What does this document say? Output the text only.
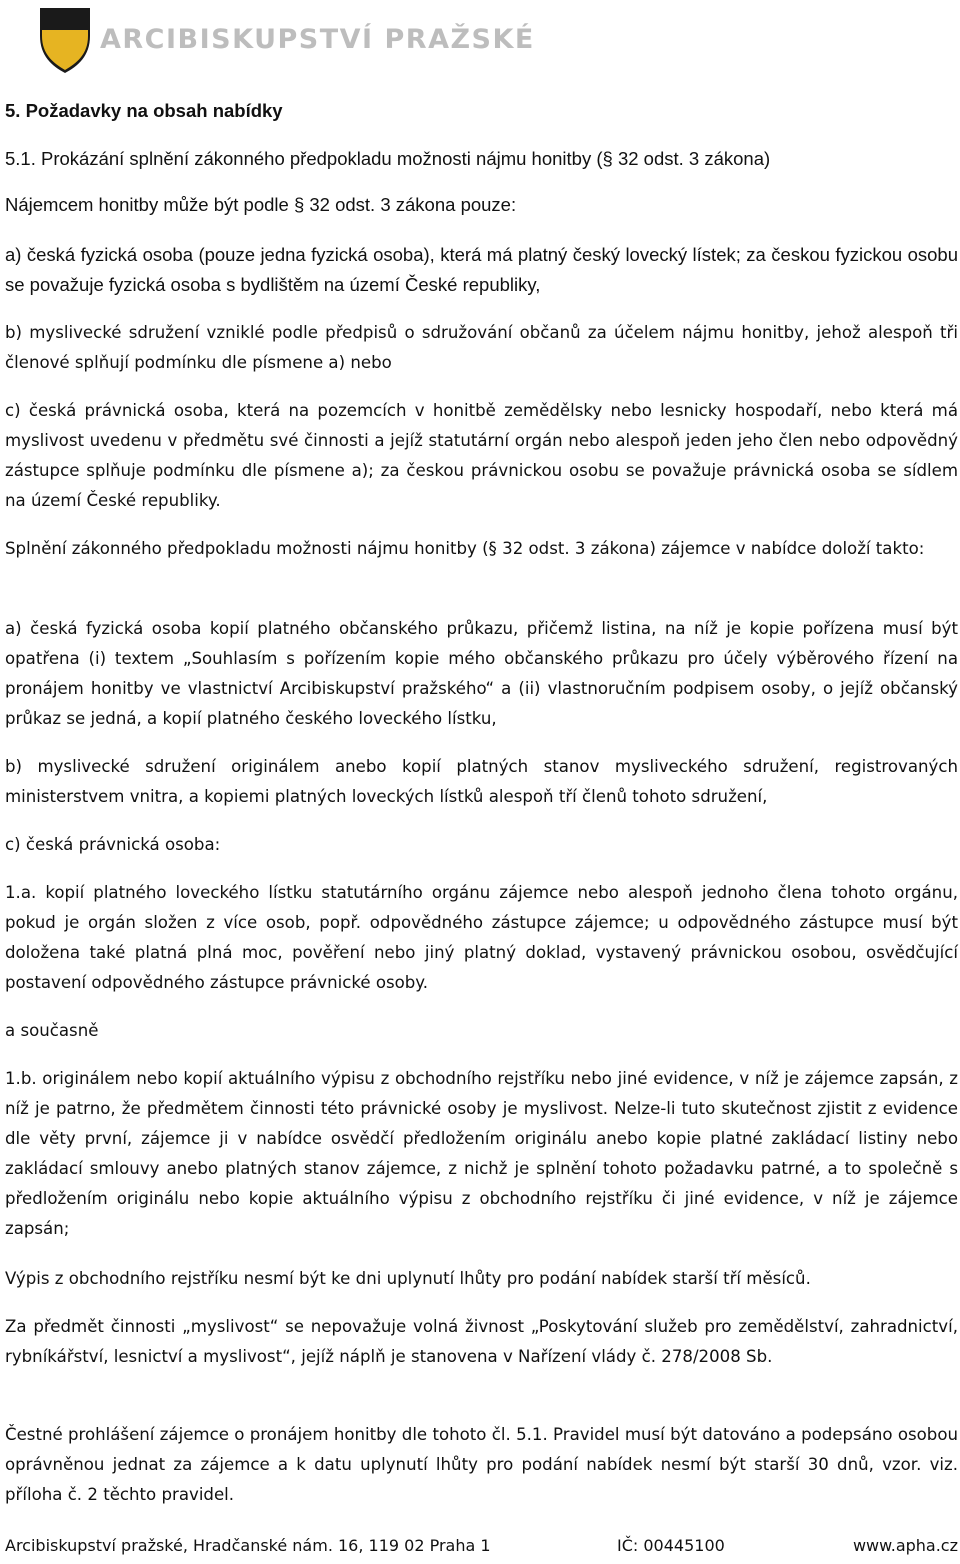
ARCIBISKUPSTVÍ PRAŽSKÉ

5. Požadavky na obsah nabídky

5.1. Prokázání splnění zákonného předpokladu možnosti nájmu honitby (§ 32 odst. 3 zákona)

Nájemcem honitby může být podle § 32 odst. 3 zákona pouze:

a) česká fyzická osoba (pouze jedna fyzická osoba), která má platný český lovecký lístek; za českou fyzickou osobu se považuje fyzická osoba s bydlištěm na území České republiky,

b) myslivecké sdružení vzniklé podle předpisů o sdružování občanů za účelem nájmu honitby, jehož alespoň tři členové splňují podmínku dle písmene a) nebo

c) česká právnická osoba, která na pozemcích v honitbě zemědělsky nebo lesnicky hospodaří, nebo která má myslivost uvedenu v předmětu své činnosti a jejíž statutární orgán nebo alespoň jeden jeho člen nebo odpovědný zástupce splňuje podmínku dle písmene a); za českou právnickou osobu se považuje právnická osoba se sídlem na území České republiky.

Splnění zákonného předpokladu možnosti nájmu honitby (§ 32 odst. 3 zákona) zájemce v nabídce doloží takto:

a) česká fyzická osoba kopií platného občanského průkazu, přičemž listina, na níž je kopie pořízena musí být opatřena (i) textem „Souhlasím s pořízením kopie mého občanského průkazu pro účely výběrového řízení na pronájem honitby ve vlastnictví Arcibiskupství pražského“ a (ii) vlastnoručním podpisem osoby, o jejíž občanský průkaz se jedná, a kopií platného českého loveckého lístku,

b) myslivecké sdružení originálem anebo kopií platných stanov mysliveckého sdružení, registrovaných ministerstvem vnitra, a kopiemi platných loveckých lístků alespoň tří členů tohoto sdružení,

c) česká právnická osoba:

1.a. kopií platného loveckého lístku statutárního orgánu zájemce nebo alespoň jednoho člena tohoto orgánu, pokud je orgán složen z více osob, popř. odpovědného zástupce zájemce; u odpovědného zástupce musí být doložena také platná plná moc, pověření nebo jiný platný doklad, vystavený právnickou osobou, osvědčující postavení odpovědného zástupce právnické osoby.

a současně

1.b. originálem nebo kopií aktuálního výpisu z obchodního rejstříku nebo jiné evidence, v níž je zájemce zapsán, z níž je patrno, že předmětem činnosti této právnické osoby je myslivost. Nelze-li tuto skutečnost zjistit z evidence dle věty první, zájemce ji v nabídce osvědčí předložením originálu anebo kopie platné zakládací listiny nebo zakládací smlouvy anebo platných stanov zájemce, z nichž je splnění tohoto požadavku patrné, a to společně s předložením originálu nebo kopie aktuálního výpisu z obchodního rejstříku či jiné evidence, v níž je zájemce zapsán;

Výpis z obchodního rejstříku nesmí být ke dni uplynutí lhůty pro podání nabídek starší tří měsíců.

Za předmět činnosti „myslivost“ se nepovažuje volná živnost „Poskytování služeb pro zemědělství, zahradnictví, rybníkářství, lesnictví a myslivost“, jejíž náplň je stanovena v Nařízení vlády č. 278/2008 Sb.

Čestné prohlášení zájemce o pronájem honitby dle tohoto čl. 5.1. Pravidel musí být datováno a podepsáno osobou oprávněnou jednat za zájemce a k datu uplynutí lhůty pro podání nabídek nesmí být starší 30 dnů, vzor. viz. příloha č. 2 těchto pravidel.

Arcibiskupství pražské, Hradčanské nám. 16, 119 02 Praha 1	IČ: 00445100	www.apha.cz
